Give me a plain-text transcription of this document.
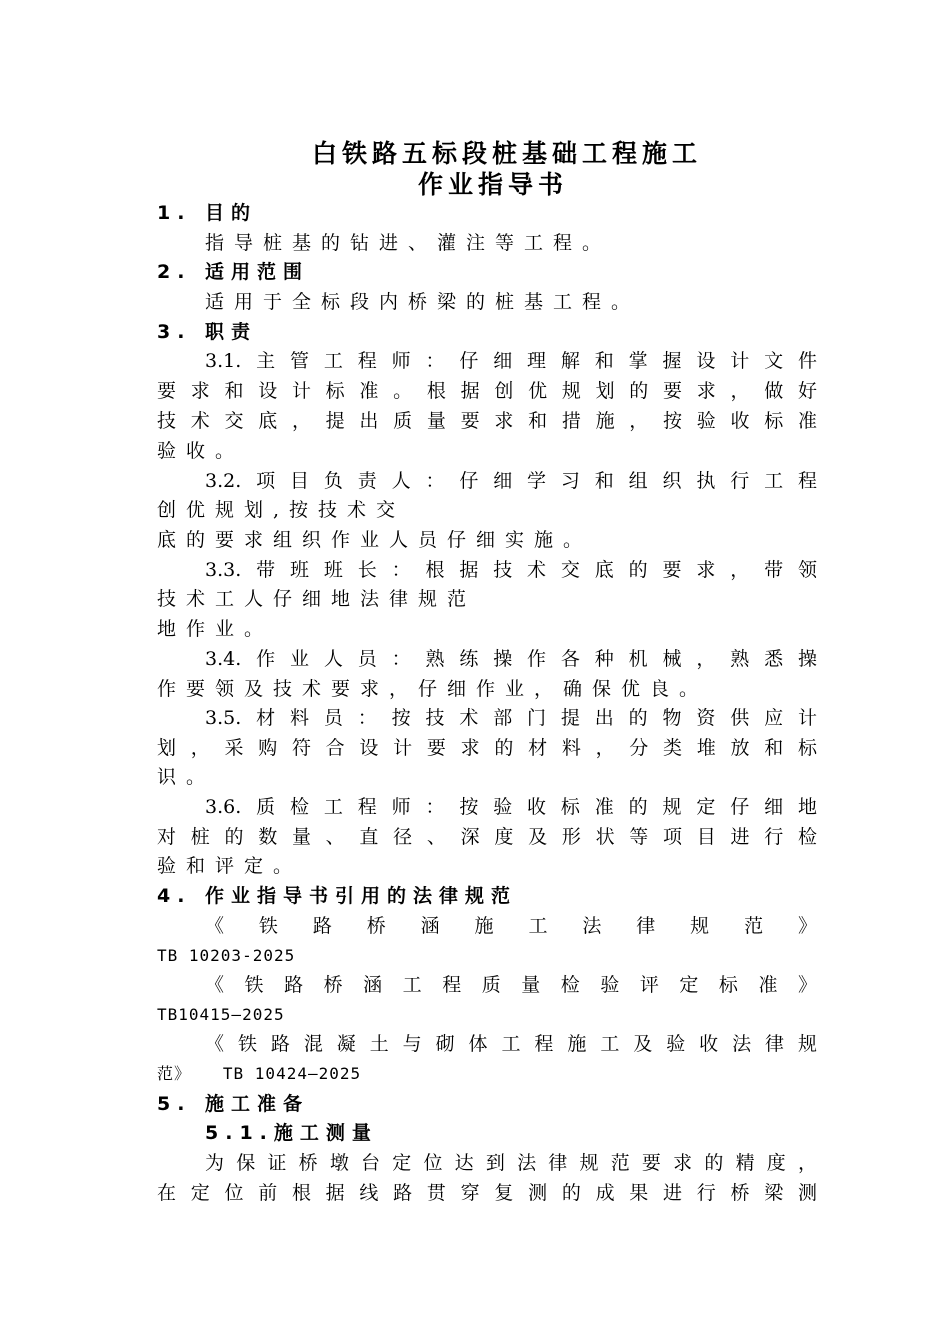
白铁路五标段桩基础工程施工
作业指导书
1. 目的
指导桩基的钻进、灌注等工程。
2. 适用范围
适用于全标段内桥梁的桩基工程。
3. 职责
3.1.主管工程师：仔细理解和掌握设计文件
要求和设计标准。根据创优规划的要求，做好
技术交底，提出质量要求和措施，按验收标准
验收。
3.2.项目负责人：仔细学习和组织执行工程
创优规划,按技术交
底的要求组织作业人员仔细实施。
3.3.带班班长：根据技术交底的要求，带领
技术工人仔细地法律规范
地作业。
3.4.作业人员：熟练操作各种机械，熟悉操
作要领及技术要求，仔细作业，确保优良。
3.5.材料员：按技术部门提出的物资供应计
划，采购符合设计要求的材料，分类堆放和标
识。
3.6.质检工程师：按验收标准的规定仔细地
对桩的数量、直径、深度及形状等项目进行检
验和评定。
4. 作业指导书引用的法律规范
《铁路桥涵施工法律规范》
TB 10203-2025
《铁路桥涵工程质量检验评定标准》
TB10415—2025
《铁路混凝土与砌体工程施工及验收法律规
范》   TB 10424—2025
5. 施工准备
5.1.施工测量
为保证桥墩台定位达到法律规范要求的精度，
在定位前根据线路贯穿复测的成果进行桥梁测
